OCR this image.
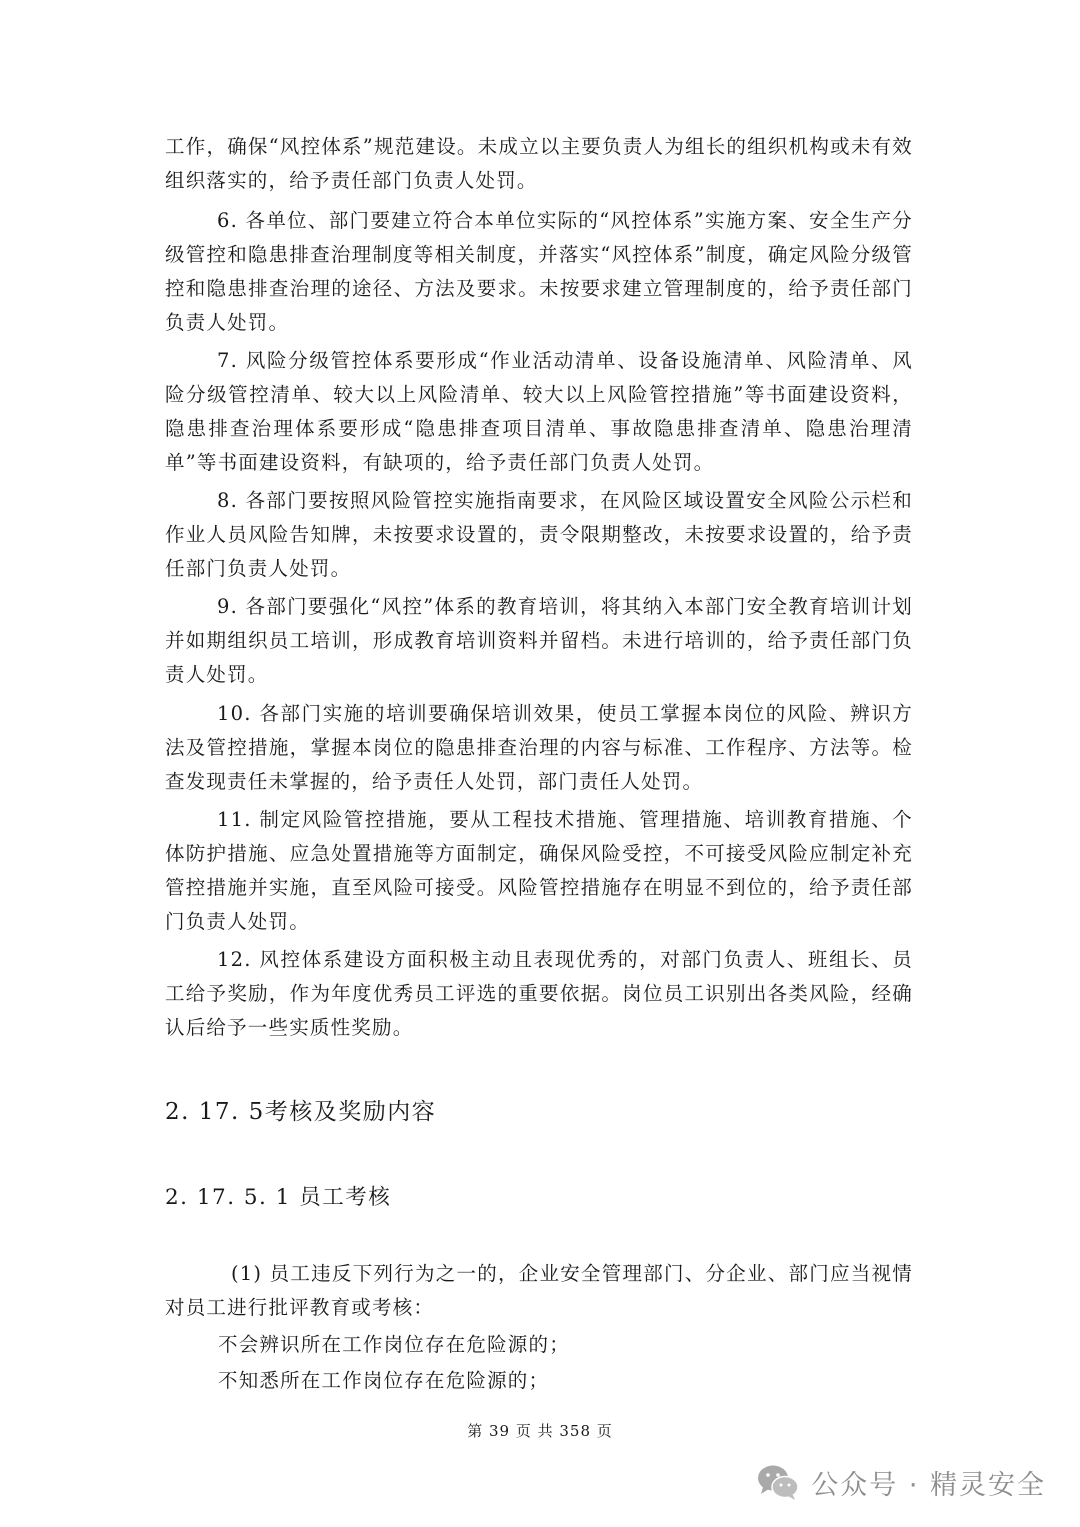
工作，确保“风控体系”规范建设。未成立以主要负责人为组长的组织机构或未有效组织落实的，给予责任部门负责人处罚。

6. 各单位、部门要建立符合本单位实际的“风控体系”实施方案、安全生产分级管控和隐患排查治理制度等相关制度，并落实“风控体系”制度，确定风险分级管控和隐患排查治理的途径、方法及要求。未按要求建立管理制度的，给予责任部门负责人处罚。

7. 风险分级管控体系要形成“作业活动清单、设备设施清单、风险清单、风险分级管控清单、较大以上风险清单、较大以上风险管控措施”等书面建设资料，隐患排查治理体系要形成“隐患排查项目清单、事故隐患排查清单、隐患治理清单”等书面建设资料，有缺项的，给予责任部门负责人处罚。

8. 各部门要按照风险管控实施指南要求，在风险区域设置安全风险公示栏和作业人员风险告知牌，未按要求设置的，责令限期整改，未按要求设置的，给予责任部门负责人处罚。

9. 各部门要强化“风控”体系的教育培训，将其纳入本部门安全教育培训计划并如期组织员工培训，形成教育培训资料并留档。未进行培训的，给予责任部门负责人处罚。

10. 各部门实施的培训要确保培训效果，使员工掌握本岗位的风险、辨识方法及管控措施，掌握本岗位的隐患排查治理的内容与标准、工作程序、方法等。检查发现责任未掌握的，给予责任人处罚，部门责任人处罚。

11. 制定风险管控措施，要从工程技术措施、管理措施、培训教育措施、个体防护措施、应急处置措施等方面制定，确保风险受控，不可接受风险应制定补充管控措施并实施，直至风险可接受。风险管控措施存在明显不到位的，给予责任部门负责人处罚。

12. 风控体系建设方面积极主动且表现优秀的，对部门负责人、班组长、员工给予奖励，作为年度优秀员工评选的重要依据。岗位员工识别出各类风险，经确认后给予一些实质性奖励。

2. 17. 5考核及奖励内容
2. 17. 5. 1 员工考核

(1) 员工违反下列行为之一的，企业安全管理部门、分企业、部门应当视情对员工进行批评教育或考核：

不会辨识所在工作岗位存在危险源的；

不知悉所在工作岗位存在危险源的；

第 39 页 共 358 页
公众号 · 精灵安全
